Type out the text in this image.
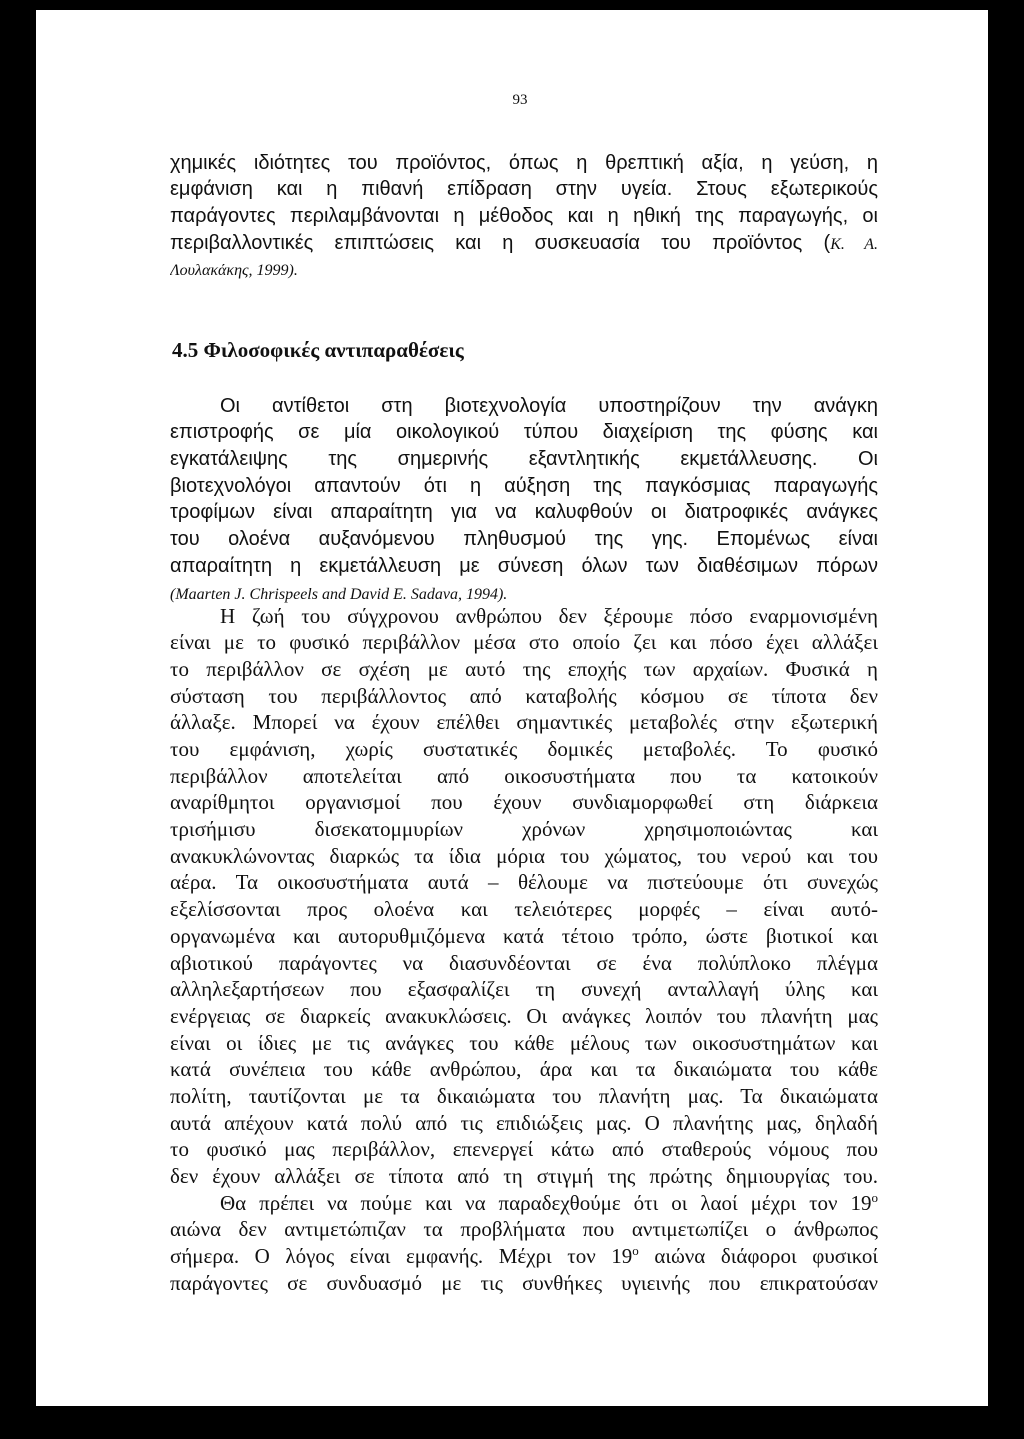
93
χημικές ιδιότητες του προϊόντος, όπως η θρεπτική αξία, η γεύση, η
εμφάνιση και η πιθανή επίδραση στην υγεία. Στους εξωτερικούς
παράγοντες περιλαμβάνονται η μέθοδος και η ηθική της παραγωγής, οι
περιβαλλοντικές επιπτώσεις και η συσκευασία του προϊόντος (Κ. Α.
Λουλακάκης, 1999).
4.5 Φιλοσοφικές αντιπαραθέσεις
Οι αντίθετοι στη βιοτεχνολογία υποστηρίζουν την ανάγκη
επιστροφής σε μία οικολογικού τύπου διαχείριση της φύσης και
εγκατάλειψης της σημερινής εξαντλητικής εκμετάλλευσης. Οι
βιοτεχνολόγοι απαντούν ότι η αύξηση της παγκόσμιας παραγωγής
τροφίμων είναι απαραίτητη για να καλυφθούν οι διατροφικές ανάγκες
του ολοένα αυξανόμενου πληθυσμού της γης. Επομένως είναι
απαραίτητη η εκμετάλλευση με σύνεση όλων των διαθέσιμων πόρων
(Maarten J. Chrispeels and David E. Sadava, 1994).
Η ζωή του σύγχρονου ανθρώπου δεν ξέρουμε πόσο εναρμονισμένη
είναι με το φυσικό περιβάλλον μέσα στο οποίο ζει και πόσο έχει αλλάξει
το περιβάλλον σε σχέση με αυτό της εποχής των αρχαίων. Φυσικά η
σύσταση του περιβάλλοντος από καταβολής κόσμου σε τίποτα δεν
άλλαξε. Μπορεί να έχουν επέλθει σημαντικές μεταβολές στην εξωτερική
του εμφάνιση, χωρίς συστατικές δομικές μεταβολές. Το φυσικό
περιβάλλον αποτελείται από οικοσυστήματα που τα κατοικούν
αναρίθμητοι οργανισμοί που έχουν συνδιαμορφωθεί στη διάρκεια
τρισήμισυ δισεκατομμυρίων χρόνων χρησιμοποιώντας και
ανακυκλώνοντας διαρκώς τα ίδια μόρια του χώματος, του νερού και του
αέρα. Τα οικοσυστήματα αυτά – θέλουμε να πιστεύουμε ότι συνεχώς
εξελίσσονται προς ολοένα και τελειότερες μορφές – είναι αυτό-
οργανωμένα και αυτορυθμιζόμενα κατά τέτοιο τρόπο, ώστε βιοτικοί και
αβιοτικού παράγοντες να διασυνδέονται σε ένα πολύπλοκο πλέγμα
αλληλεξαρτήσεων που εξασφαλίζει τη συνεχή ανταλλαγή ύλης και
ενέργειας σε διαρκείς ανακυκλώσεις. Οι ανάγκες λοιπόν του πλανήτη μας
είναι οι ίδιες με τις ανάγκες του κάθε μέλους των οικοσυστημάτων και
κατά συνέπεια του κάθε ανθρώπου, άρα και τα δικαιώματα του κάθε
πολίτη, ταυτίζονται με τα δικαιώματα του πλανήτη μας. Τα δικαιώματα
αυτά απέχουν κατά πολύ από τις επιδιώξεις μας. Ο πλανήτης μας, δηλαδή
το φυσικό μας περιβάλλον, επενεργεί κάτω από σταθερούς νόμους που
δεν έχουν αλλάξει σε τίποτα από τη στιγμή της πρώτης δημιουργίας του.
Θα πρέπει να πούμε και να παραδεχθούμε ότι οι λαοί μέχρι τον 19$^o$
αιώνα δεν αντιμετώπιζαν τα προβλήματα που αντιμετωπίζει ο άνθρωπος
σήμερα. Ο λόγος είναι εμφανής. Μέχρι τον 19$^o$ αιώνα διάφοροι φυσικοί
παράγοντες σε συνδυασμό με τις συνθήκες υγιεινής που επικρατούσαν
